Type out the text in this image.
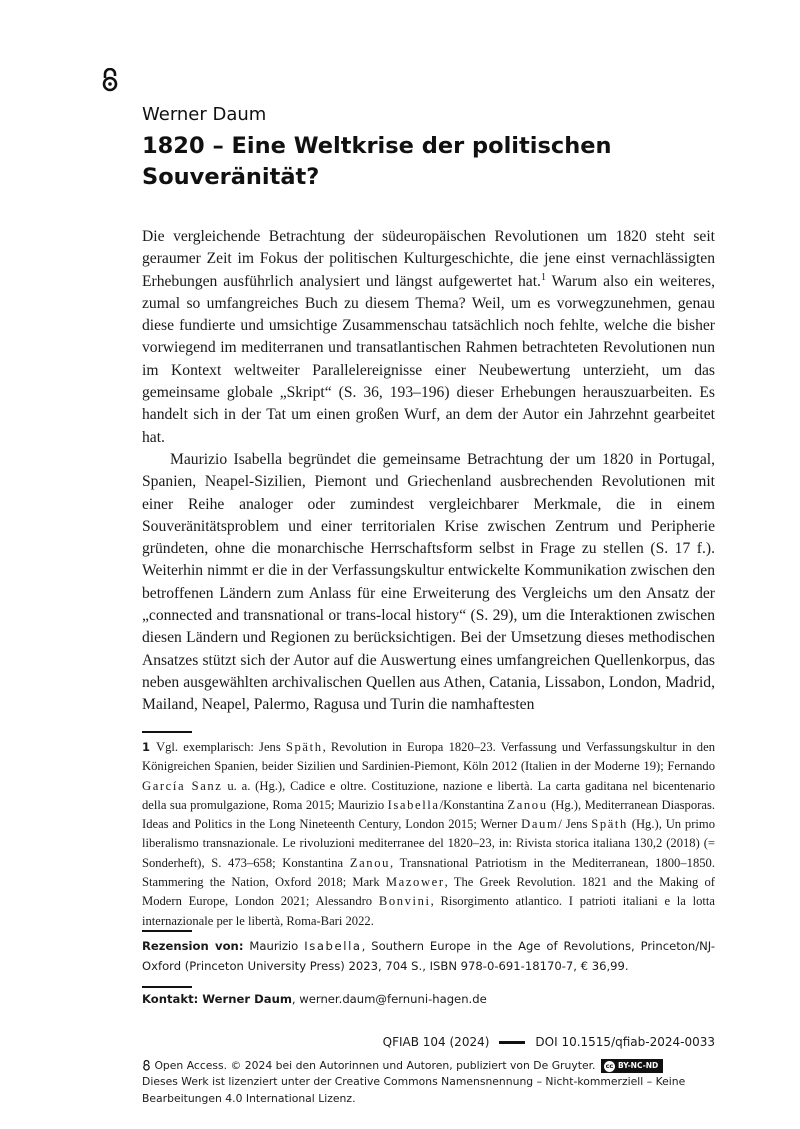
Werner Daum
1820 – Eine Weltkrise der politischen Souveränität?

Die vergleichende Betrachtung der südeuropäischen Revolutionen um 1820 steht seit geraumer Zeit im Fokus der politischen Kulturgeschichte, die jene einst vernachlässigten Erhebungen ausführlich analysiert und längst aufgewertet hat.$^1$ Warum also ein weiteres, zumal so umfangreiches Buch zu diesem Thema? Weil, um es vorwegzunehmen, genau diese fundierte und umsichtige Zusammenschau tatsächlich noch fehlte, welche die bisher vorwiegend im mediterranen und transatlantischen Rahmen betrachteten Revolutionen nun im Kontext weltweiter Parallelereignisse einer Neubewertung unterzieht, um das gemeinsame globale „Skript“ (S. 36, 193–196) dieser Erhebungen herauszuarbeiten. Es handelt sich in der Tat um einen großen Wurf, an dem der Autor ein Jahrzehnt gearbeitet hat.

Maurizio Isabella begründet die gemeinsame Betrachtung der um 1820 in Portugal, Spanien, Neapel-Sizilien, Piemont und Griechenland ausbrechenden Revolutionen mit einer Reihe analoger oder zumindest vergleichbarer Merkmale, die in einem Souveränitätsproblem und einer territorialen Krise zwischen Zentrum und Peripherie gründeten, ohne die monarchische Herrschaftsform selbst in Frage zu stellen (S. 17 f.). Weiterhin nimmt er die in der Verfassungskultur entwickelte Kommunikation zwischen den betroffenen Ländern zum Anlass für eine Erweiterung des Vergleichs um den Ansatz der „connected and transnational or trans-local history“ (S. 29), um die Interaktionen zwischen diesen Ländern und Regionen zu berücksichtigen. Bei der Umsetzung dieses methodischen Ansatzes stützt sich der Autor auf die Auswertung eines umfangreichen Quellenkorpus, das neben ausgewählten archivalischen Quellen aus Athen, Catania, Lissabon, London, Madrid, Mailand, Neapel, Palermo, Ragusa und Turin die namhaftesten

1 Vgl. exemplarisch: Jens Späth, Revolution in Europa 1820–23. Verfassung und Verfassungskultur in den Königreichen Spanien, beider Sizilien und Sardinien-Piemont, Köln 2012 (Italien in der Moderne 19); Fernando García Sanz u. a. (Hg.), Cadice e oltre. Costituzione, nazione e libertà. La carta gaditana nel bicentenario della sua promulgazione, Roma 2015; Maurizio Isabella/Konstantina Zanou (Hg.), Mediterranean Diasporas. Ideas and Politics in the Long Nineteenth Century, London 2015; Werner Daum/ Jens Späth (Hg.), Un primo liberalismo transnazionale. Le rivoluzioni mediterranee del 1820–23, in: Rivista storica italiana 130,2 (2018) (= Sonderheft), S. 473–658; Konstantina Zanou, Transnational Patriotism in the Mediterranean, 1800–1850. Stammering the Nation, Oxford 2018; Mark Mazower, The Greek Revolution. 1821 and the Making of Modern Europe, London 2021; Alessandro Bonvini, Risorgimento atlantico. I patrioti italiani e la lotta internazionale per le libertà, Roma-Bari 2022.
Rezension von: Maurizio Isabella, Southern Europe in the Age of Revolutions, Princeton/NJ-Oxford (Princeton University Press) 2023, 704 S., ISBN 978-0-691-18170-7, € 36,99.
Kontakt: Werner Daum, werner.daum@fernuni-hagen.de
QFIAB 104 (2024)	DOI 10.1515/qfiab-2024-0033
Open Access. © 2024 bei den Autorinnen und Autoren, publiziert von De Gruyter. cc BY-NC-ND Dieses Werk ist lizenziert unter der Creative Commons Namensnennung – Nicht-kommerziell – Keine Bearbeitungen 4.0 International Lizenz.
